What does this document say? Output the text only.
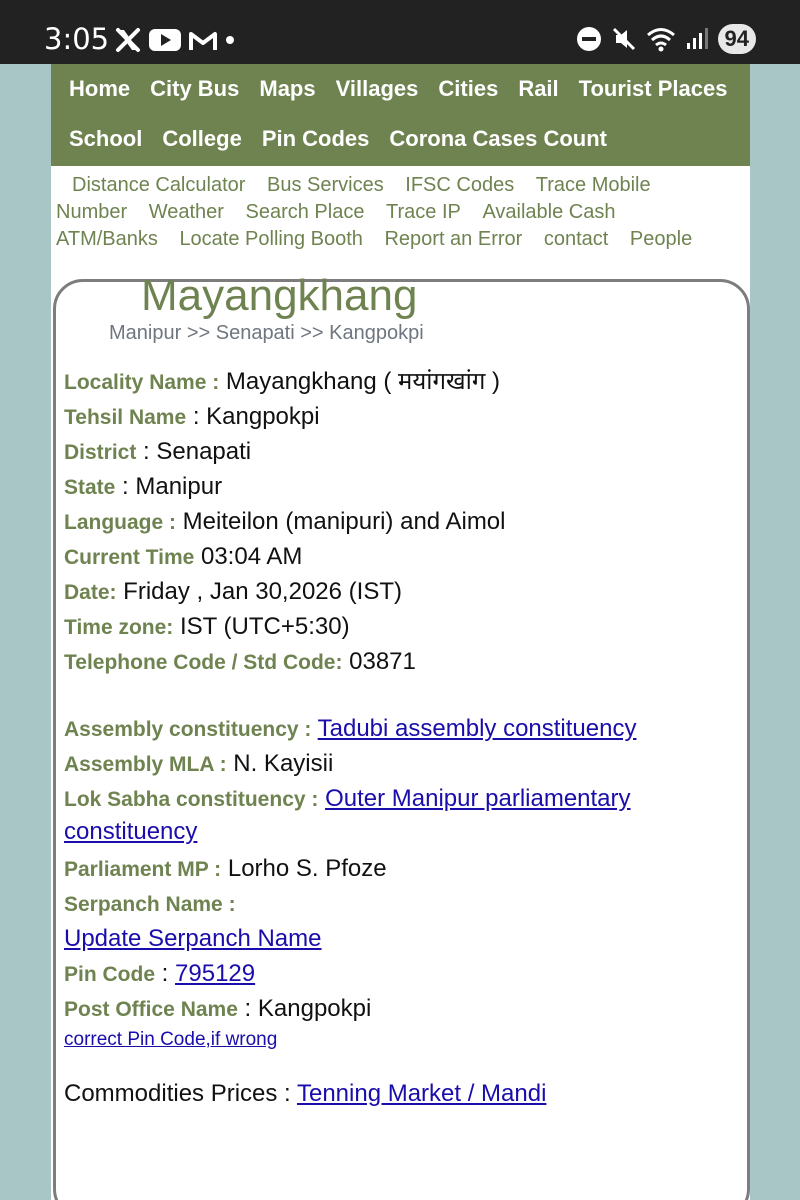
3:05	94
Home City Bus Maps Villages Cities Rail Tourist Places
School College Pin Codes Corona Cases Count
Distance Calculator Bus Services IFSC Codes Trace Mobile
Number Weather Search Place Trace IP Available Cash
ATM/Banks Locate Polling Booth Report an Error contact People
Mayangkhang
Manipur >> Senapati >> Kangpokpi
Locality Name : Mayangkhang ( मयांगखांग )
Tehsil Name : Kangpokpi
District : Senapati
State : Manipur
Language : Meiteilon (manipuri) and Aimol
Current Time 03:04 AM
Date: Friday , Jan 30,2026 (IST)
Time zone: IST (UTC+5:30)
Telephone Code / Std Code: 03871
Assembly constituency : Tadubi assembly constituency
Assembly MLA : N. Kayisii
Lok Sabha constituency : Outer Manipur parliamentary constituency
Parliament MP : Lorho S. Pfoze
Serpanch Name :
Update Serpanch Name
Pin Code : 795129
Post Office Name : Kangpokpi
correct Pin Code,if wrong
Commodities Prices : Tenning Market / Mandi
